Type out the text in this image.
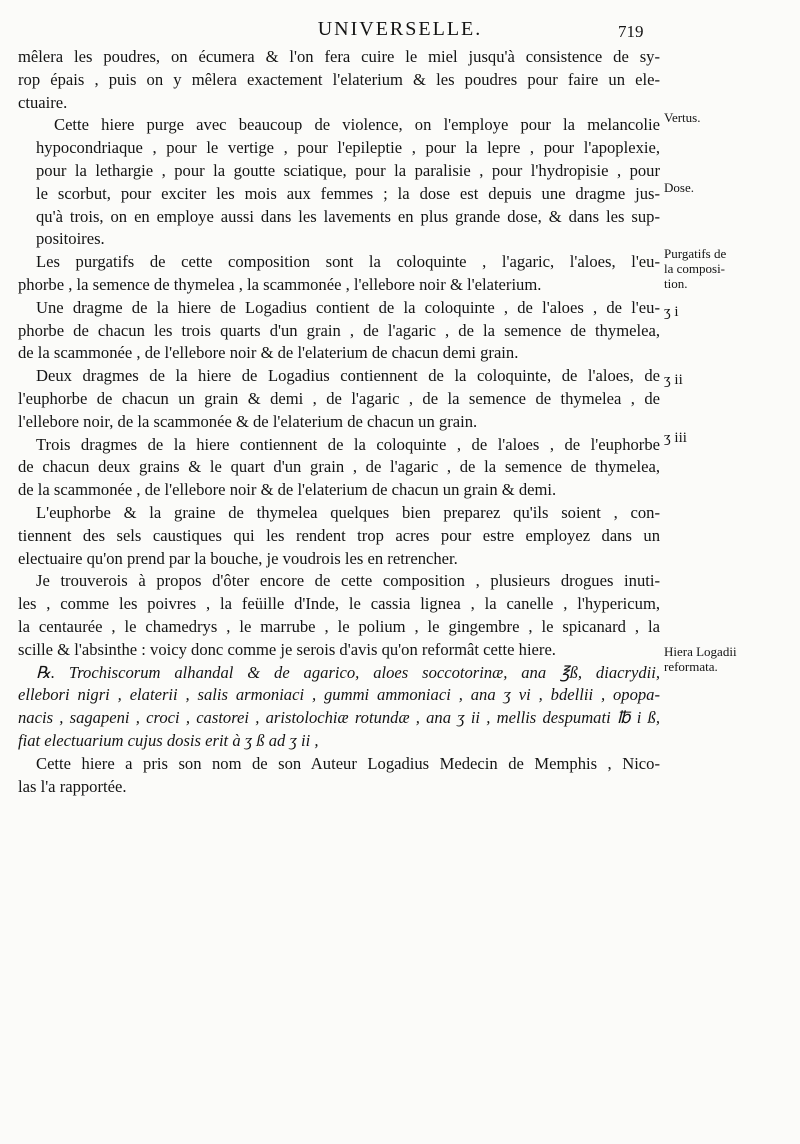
UNIVERSELLE.	719

mêlera les poudres, on écumera & l'on fera cuire le miel jusqu'à consistence de sy-
rop épais , puis on y mêlera exactement l'elaterium & les poudres pour faire un ele-
ctuaire.

Cette hiere purge avec beaucoup de violence, on l'employe pour la melancolie
hypocondriaque , pour le vertige , pour l'epileptie , pour la lepre , pour l'apoplexie,
pour la lethargie , pour la goutte sciatique, pour la paralisie , pour l'hydropisie , pour
le scorbut, pour exciter les mois aux femmes ; la dose est depuis une dragme jus-
qu'à trois, on en employe aussi dans les lavements en plus grande dose, & dans les sup-
positoires.

Les purgatifs de cette composition sont la coloquinte , l'agaric, l'aloes, l'eu-
phorbe , la semence de thymelea , la scammonée , l'ellebore noir & l'elaterium.

Une dragme de la hiere de Logadius contient de la coloquinte , de l'aloes , de l'eu-
phorbe de chacun les trois quarts d'un grain , de l'agaric , de la semence de thymelea,
de la scammonée , de l'ellebore noir & de l'elaterium de chacun demi grain.

Deux dragmes de la hiere de Logadius contiennent de la coloquinte, de l'aloes, de
l'euphorbe de chacun un grain & demi , de l'agaric , de la semence de thymelea , de
l'ellebore noir, de la scammonée & de l'elaterium de chacun un grain.

Trois dragmes de la hiere contiennent de la coloquinte , de l'aloes , de l'euphorbe
de chacun deux grains & le quart d'un grain , de l'agaric , de la semence de thymelea,
de la scammonée , de l'ellebore noir & de l'elaterium de chacun un grain & demi.

L'euphorbe & la graine de thymelea quelques bien preparez qu'ils soient , con-
tiennent des sels caustiques qui les rendent trop acres pour estre employez dans un
electuaire qu'on prend par la bouche, je voudrois les en retrencher.

Je trouverois à propos d'ôter encore de cette composition , plusieurs drogues inuti-
les , comme les poivres , la feüille d'Inde, le cassia lignea , la canelle , l'hypericum,
la centaurée , le chamedrys , le marrube , le polium , le gingembre , le spicanard , la
scille & l'absinthe : voicy donc comme je serois d'avis qu'on reformât cette hiere.

℞. Trochiscorum alhandal & de agarico, aloes soccotorinæ, ana ℥ß, diacrydii,
ellebori nigri , elaterii , salis armoniaci , gummi ammoniaci , ana ʒ vi , bdellii , opopa-
nacis , sagapeni , croci , castorei , aristolochiæ rotundæ , ana ʒ ii , mellis despumati ℔ i ß,
fiat electuarium cujus dosis erit à ʒ ß ad ʒ ii ,

Cette hiere a pris son nom de son Auteur Logadius Medecin de Memphis , Nico-
las l'a rapportée.

Vertus.
Dose.
Purgatifs de
la composi-
tion.
ʒ i
ʒ ii
ʒ iii
Hiera Logadii
reformata.
